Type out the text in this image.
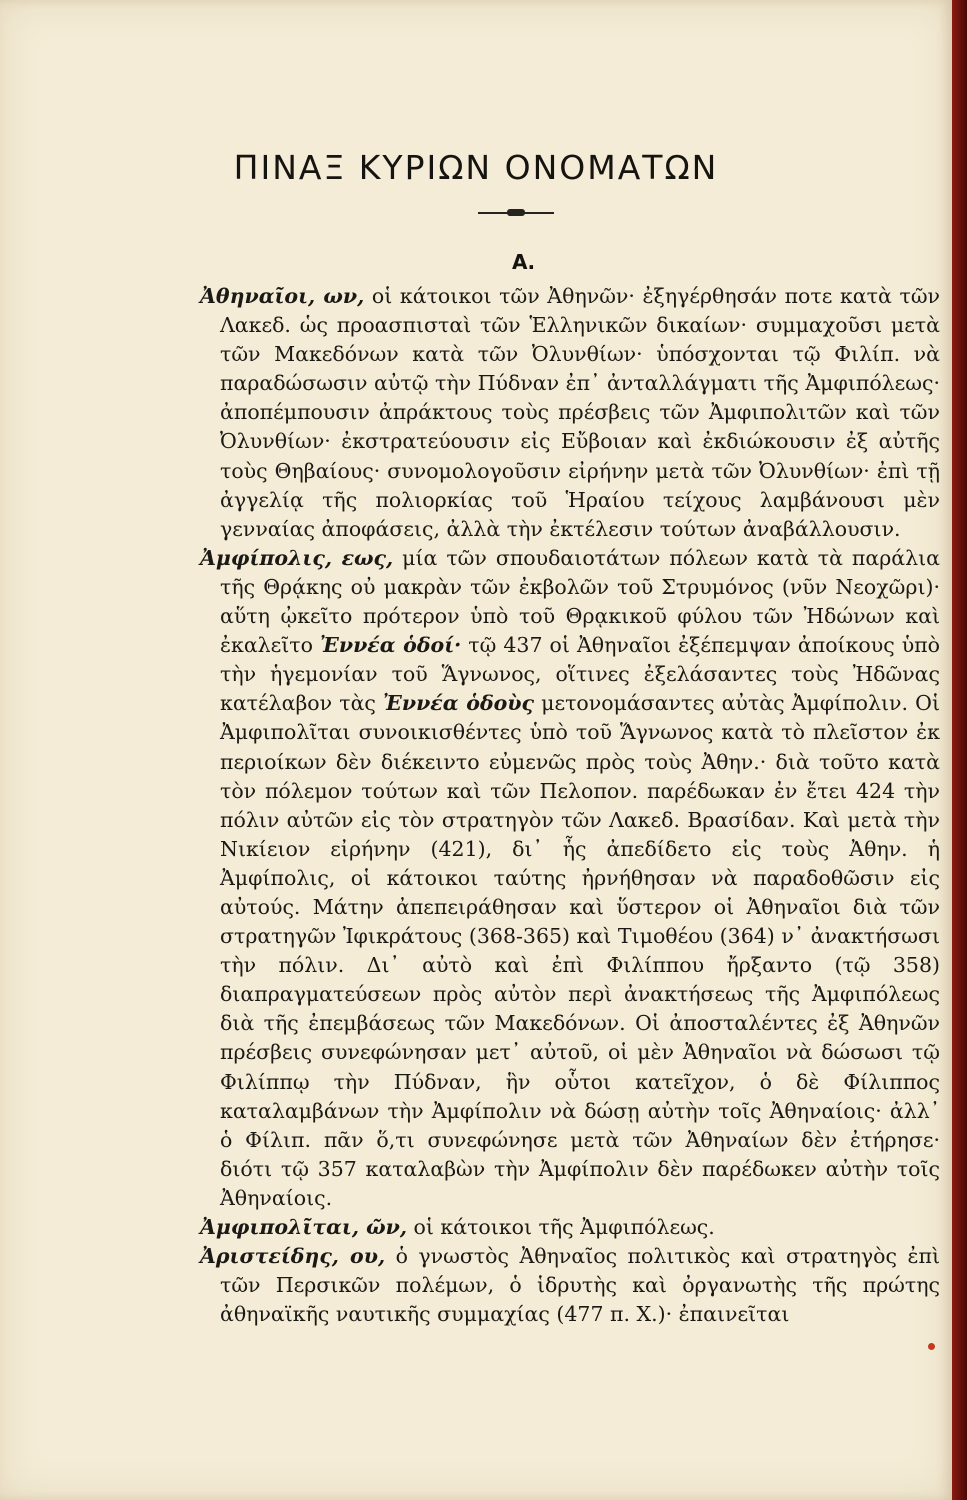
ΠΙΝΑΞ ΚΥΡΙΩΝ ΟΝΟΜΑΤΩΝ
Α.

Ἀθηναῖοι, ων, οἱ κάτοικοι τῶν Ἀθηνῶν· ἐξηγέρθησάν ποτε κατὰ τῶν Λακεδ. ὡς προασπισταὶ τῶν Ἑλληνικῶν δικαίων· συμμαχοῦσι μετὰ τῶν Μακεδόνων κατὰ τῶν Ὀλυνθίων· ὑπόσχονται τῷ Φιλίπ. νὰ παραδώσωσιν αὐτῷ τὴν Πύδναν ἐπ᾽ ἀνταλλάγματι τῆς Ἀμφιπόλεως· ἀποπέμπουσιν ἀπράκτους τοὺς πρέσβεις τῶν Ἀμφιπολιτῶν καὶ τῶν Ὀλυνθίων· ἐκστρατεύουσιν εἰς Εὔβοιαν καὶ ἐκδιώκουσιν ἐξ αὐτῆς τοὺς Θηβαίους· συνομολογοῦσιν εἰρήνην μετὰ τῶν Ὀλυνθίων· ἐπὶ τῇ ἀγγελίᾳ τῆς πολιορκίας τοῦ Ἡραίου τείχους λαμβάνουσι μὲν γενναίας ἀποφάσεις, ἀλλὰ τὴν ἐκτέλεσιν τούτων ἀναβάλλουσιν.

Ἀμφίπολις, εως, μία τῶν σπουδαιοτάτων πόλεων κατὰ τὰ παράλια τῆς Θρᾴκης οὐ μακρὰν τῶν ἐκβολῶν τοῦ Στρυμόνος (νῦν Νεοχῶρι)· αὕτη ᾠκεῖτο πρότερον ὑπὸ τοῦ Θρᾳκικοῦ φύλου τῶν Ἠδώνων καὶ ἐκαλεῖτο Ἐννέα ὁδοί· τῷ 437 οἱ Ἀθηναῖοι ἐξέπεμψαν ἀποίκους ὑπὸ τὴν ἡγεμονίαν τοῦ Ἅγνωνος, οἵτινες ἐξελάσαντες τοὺς Ἠδῶνας κατέλαβον τὰς Ἐννέα ὁδοὺς μετονομάσαντες αὐτὰς Ἀμφίπολιν. Οἱ Ἀμφιπολῖται συνοικισθέντες ὑπὸ τοῦ Ἅγνωνος κατὰ τὸ πλεῖστον ἐκ περιοίκων δὲν διέκειντο εὐμενῶς πρὸς τοὺς Ἀθην.· διὰ τοῦτο κατὰ τὸν πόλεμον τούτων καὶ τῶν Πελοπον. παρέδωκαν ἐν ἔτει 424 τὴν πόλιν αὐτῶν εἰς τὸν στρατηγὸν τῶν Λακεδ. Βρασίδαν. Καὶ μετὰ τὴν Νικίειον εἰρήνην (421), δι᾽ ἧς ἀπεδίδετο εἰς τοὺς Ἀθην. ἡ Ἀμφίπολις, οἱ κάτοικοι ταύτης ἠρνήθησαν νὰ παραδοθῶσιν εἰς αὐτούς. Μάτην ἀπεπειράθησαν καὶ ὕστερον οἱ Ἀθηναῖοι διὰ τῶν στρατηγῶν Ἰφικράτους (368-365) καὶ Τιμοθέου (364) ν᾽ ἀνακτήσωσι τὴν πόλιν. Δι᾽ αὐτὸ καὶ ἐπὶ Φιλίππου ἤρξαντο (τῷ 358) διαπραγματεύσεων πρὸς αὐτὸν περὶ ἀνακτήσεως τῆς Ἀμφιπόλεως διὰ τῆς ἐπεμβάσεως τῶν Μακεδόνων. Οἱ ἀποσταλέντες ἐξ Ἀθηνῶν πρέσβεις συνεφώνησαν μετ᾽ αὐτοῦ, οἱ μὲν Ἀθηναῖοι νὰ δώσωσι τῷ Φιλίππῳ τὴν Πύδναν, ἣν οὗτοι κατεῖχον, ὁ δὲ Φίλιππος καταλαμβάνων τὴν Ἀμφίπολιν νὰ δώσῃ αὐτὴν τοῖς Ἀθηναίοις· ἀλλ᾽ ὁ Φίλιπ. πᾶν ὅ,τι συνεφώνησε μετὰ τῶν Ἀθηναίων δὲν ἐτήρησε· διότι τῷ 357 καταλαβὼν τὴν Ἀμφίπολιν δὲν παρέδωκεν αὐτὴν τοῖς Ἀθηναίοις.

Ἀμφιπολῖται, ῶν, οἱ κάτοικοι τῆς Ἀμφιπόλεως.

Ἀριστείδης, ου, ὁ γνωστὸς Ἀθηναῖος πολιτικὸς καὶ στρατηγὸς ἐπὶ τῶν Περσικῶν πολέμων, ὁ ἱδρυτὴς καὶ ὀργανωτὴς τῆς πρώτης ἀθηναϊκῆς ναυτικῆς συμμαχίας (477 π. Χ.)· ἐπαινεῖται
